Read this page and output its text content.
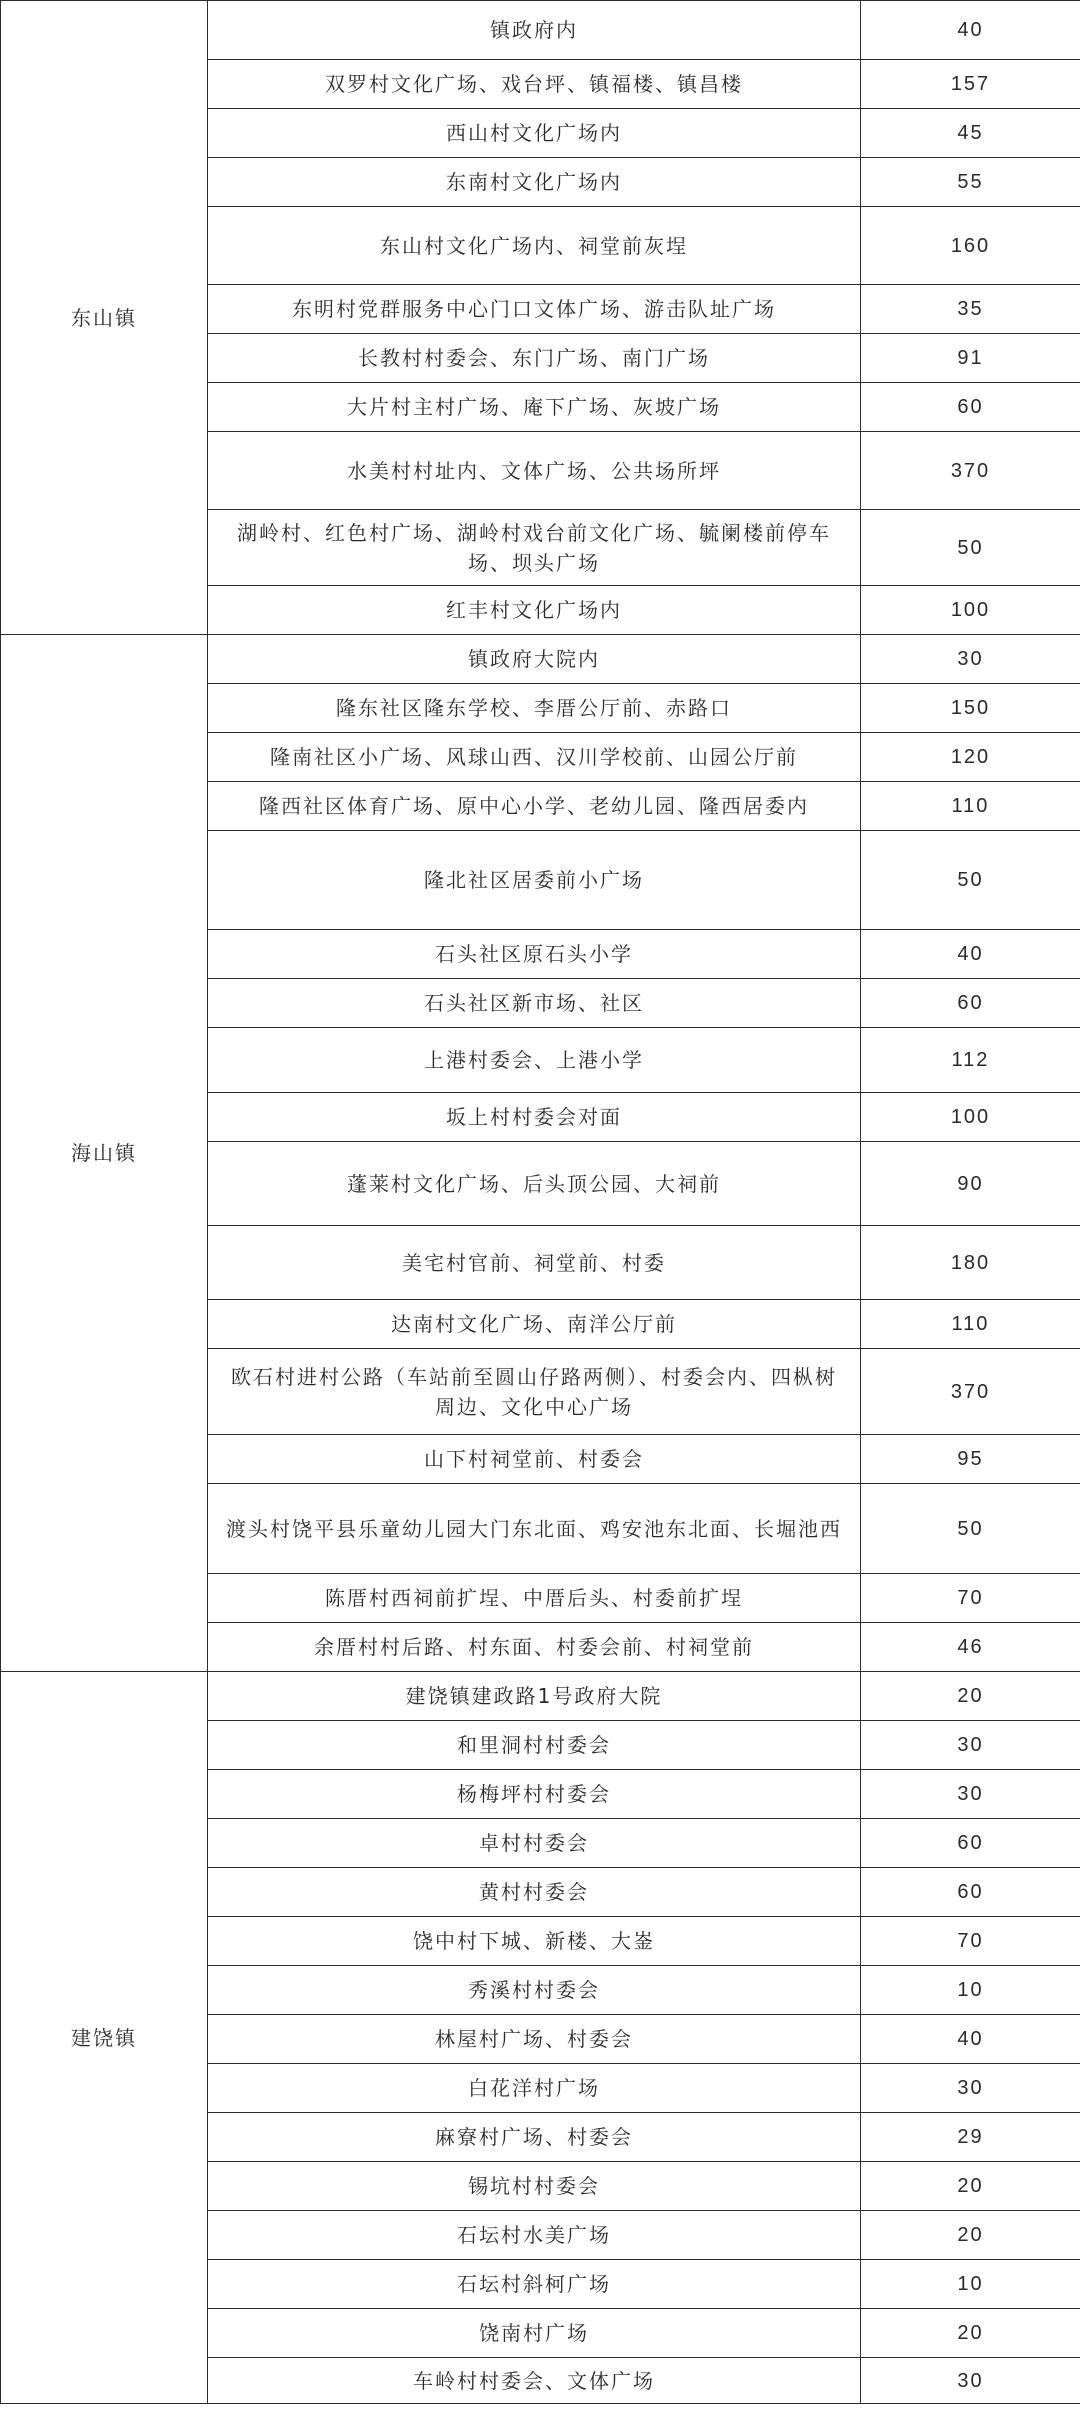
东山镇	镇政府内	40
	双罗村文化广场、戏台坪、镇福楼、镇昌楼	157
	西山村文化广场内	45
	东南村文化广场内	55
	东山村文化广场内、祠堂前灰埕	160
	东明村党群服务中心门口文体广场、游击队址广场	35
	长教村村委会、东门广场、南门广场	91
	大片村主村广场、庵下广场、灰坡广场	60
	水美村村址内、文体广场、公共场所坪	370
	湖岭村、红色村广场、湖岭村戏台前文化广场、毓阑楼前停车场、坝头广场	50
	红丰村文化广场内	100
海山镇	镇政府大院内	30
	隆东社区隆东学校、李厝公厅前、赤路口	150
	隆南社区小广场、风球山西、汉川学校前、山园公厅前	120
	隆西社区体育广场、原中心小学、老幼儿园、隆西居委内	110
	隆北社区居委前小广场	50
	石头社区原石头小学	40
	石头社区新市场、社区	60
	上港村委会、上港小学	112
	坂上村村委会对面	100
	蓬莱村文化广场、后头顶公园、大祠前	90
	美宅村官前、祠堂前、村委	180
	达南村文化广场、南洋公厅前	110
	欧石村进村公路（车站前至圆山仔路两侧）、村委会内、四枞树周边、文化中心广场	370
	山下村祠堂前、村委会	95
	渡头村饶平县乐童幼儿园大门东北面、鸡安池东北面、长堀池西	50
	陈厝村西祠前扩埕、中厝后头、村委前扩埕	70
	余厝村村后路、村东面、村委会前、村祠堂前	46
建饶镇	建饶镇建政路1号政府大院	20
	和里洞村村委会	30
	杨梅坪村村委会	30
	卓村村委会	60
	黄村村委会	60
	饶中村下城、新楼、大崟	70
	秀溪村村委会	10
	林屋村广场、村委会	40
	白花洋村广场	30
	麻寮村广场、村委会	29
	锡坑村村委会	20
	石坛村水美广场	20
	石坛村斜柯广场	10
	饶南村广场	20
	车岭村村委会、文体广场	30
